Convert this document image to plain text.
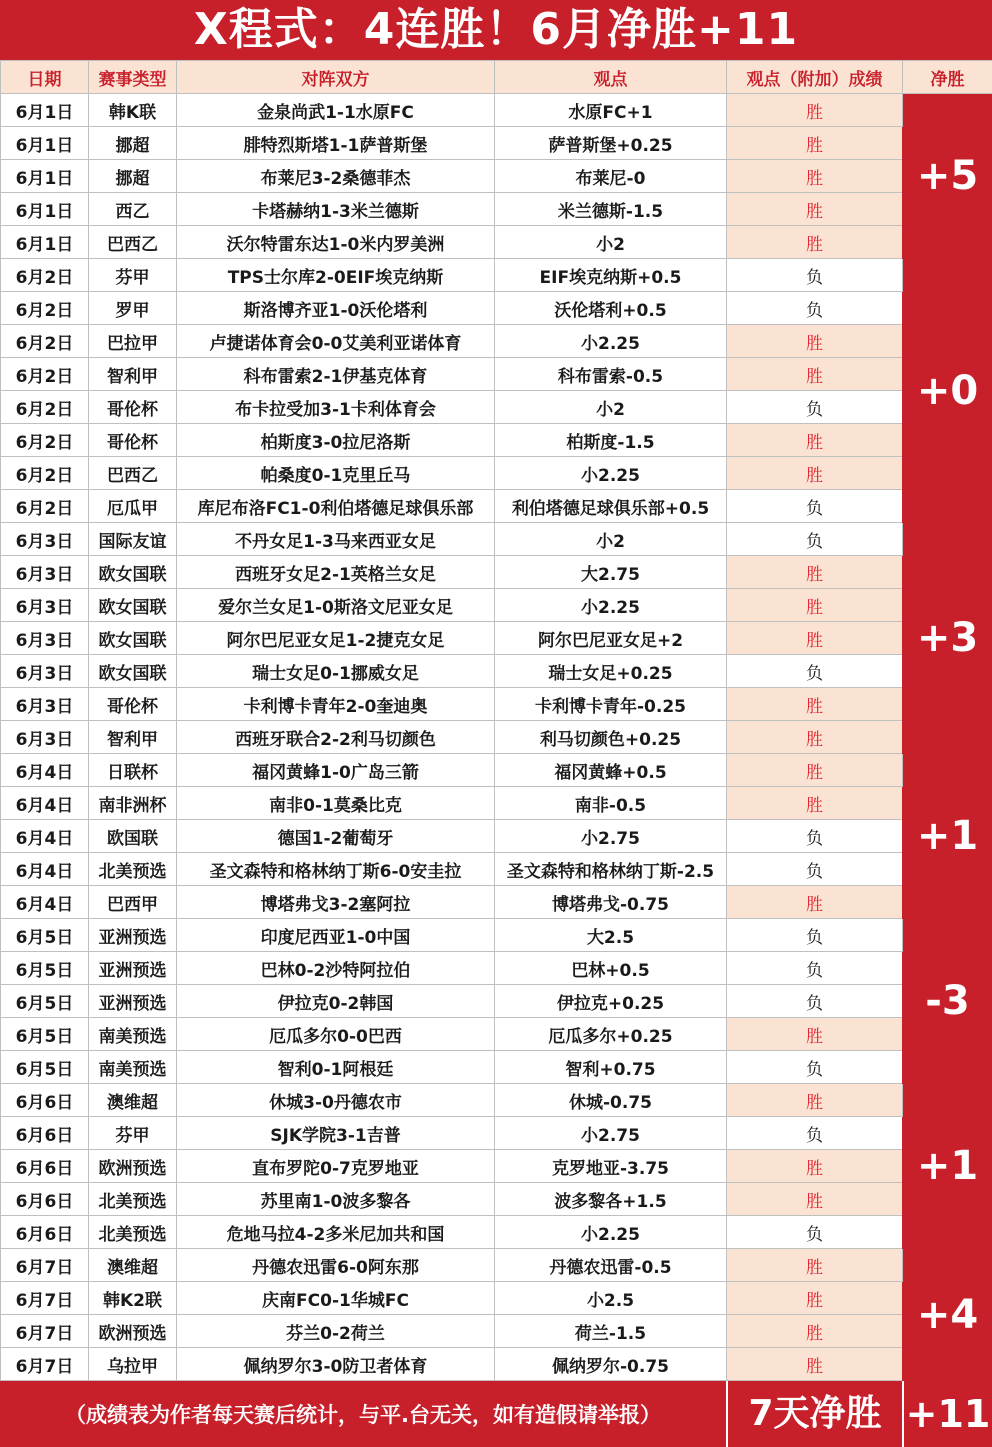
X程式：4连胜！6月净胜+11
日期	赛事类型	对阵双方	观点	观点（附加）成绩	净胜
6月1日	韩K联	金泉尚武1-1水原FC	水原FC+1	胜	+5
6月1日	挪超	腓特烈斯塔1-1萨普斯堡	萨普斯堡+0.25	胜	
6月1日	挪超	布莱尼3-2桑德菲杰	布莱尼-0	胜	
6月1日	西乙	卡塔赫纳1-3米兰德斯	米兰德斯-1.5	胜	
6月1日	巴西乙	沃尔特雷东达1-0米内罗美洲	小2	胜	
6月2日	芬甲	TPS士尔库2-0EIF埃克纳斯	EIF埃克纳斯+0.5	负	+0
6月2日	罗甲	斯洛博齐亚1-0沃伦塔利	沃伦塔利+0.5	负	
6月2日	巴拉甲	卢捷诺体育会0-0艾美利亚诺体育	小2.25	胜	
6月2日	智利甲	科布雷索2-1伊基克体育	科布雷索-0.5	胜	
6月2日	哥伦杯	布卡拉受加3-1卡利体育会	小2	负	
6月2日	哥伦杯	柏斯度3-0拉尼洛斯	柏斯度-1.5	胜	
6月2日	巴西乙	帕桑度0-1克里丘马	小2.25	胜	
6月2日	厄瓜甲	库尼布洛FC1-0利伯塔德足球俱乐部	利伯塔德足球俱乐部+0.5	负	
6月3日	国际友谊	不丹女足1-3马来西亚女足	小2	负	+3
6月3日	欧女国联	西班牙女足2-1英格兰女足	大2.75	胜	
6月3日	欧女国联	爱尔兰女足1-0斯洛文尼亚女足	小2.25	胜	
6月3日	欧女国联	阿尔巴尼亚女足1-2捷克女足	阿尔巴尼亚女足+2	胜	
6月3日	欧女国联	瑞士女足0-1挪威女足	瑞士女足+0.25	负	
6月3日	哥伦杯	卡利博卡青年2-0奎迪奥	卡利博卡青年-0.25	胜	
6月3日	智利甲	西班牙联合2-2利马切颜色	利马切颜色+0.25	胜	
6月4日	日联杯	福冈黄蜂1-0广岛三箭	福冈黄蜂+0.5	胜	+1
6月4日	南非洲杯	南非0-1莫桑比克	南非-0.5	胜	
6月4日	欧国联	德国1-2葡萄牙	小2.75	负	
6月4日	北美预选	圣文森特和格林纳丁斯6-0安圭拉	圣文森特和格林纳丁斯-2.5	负	
6月4日	巴西甲	博塔弗戈3-2塞阿拉	博塔弗戈-0.75	胜	
6月5日	亚洲预选	印度尼西亚1-0中国	大2.5	负	-3
6月5日	亚洲预选	巴林0-2沙特阿拉伯	巴林+0.5	负	
6月5日	亚洲预选	伊拉克0-2韩国	伊拉克+0.25	负	
6月5日	南美预选	厄瓜多尔0-0巴西	厄瓜多尔+0.25	胜	
6月5日	南美预选	智利0-1阿根廷	智利+0.75	负	
6月6日	澳维超	休城3-0丹德农市	休城-0.75	胜	+1
6月6日	芬甲	SJK学院3-1吉普	小2.75	负	
6月6日	欧洲预选	直布罗陀0-7克罗地亚	克罗地亚-3.75	胜	
6月6日	北美预选	苏里南1-0波多黎各	波多黎各+1.5	胜	
6月6日	北美预选	危地马拉4-2多米尼加共和国	小2.25	负	
6月7日	澳维超	丹德农迅雷6-0阿东那	丹德农迅雷-0.5	胜	+4
6月7日	韩K2联	庆南FC0-1华城FC	小2.5	胜	
6月7日	欧洲预选	芬兰0-2荷兰	荷兰-1.5	胜	
6月7日	乌拉甲	佩纳罗尔3-0防卫者体育	佩纳罗尔-0.75	胜	
（成绩表为作者每天赛后统计，与平.台无关，如有造假请举报）	7天净胜 +11
